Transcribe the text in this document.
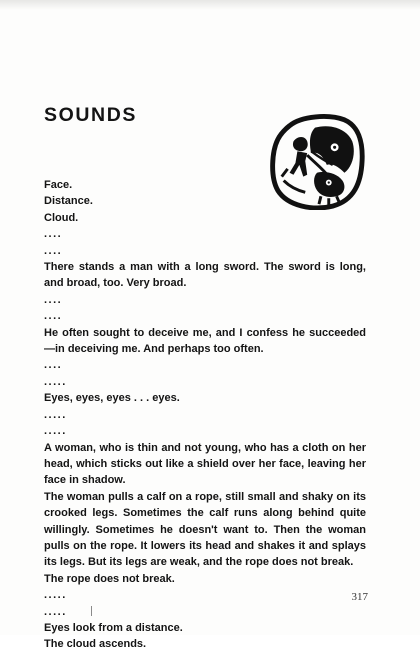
SOUNDS

Face.

Distance.

Cloud.

....

....

There stands a man with a long sword. The sword is long, and broad, too. Very broad.

....

....

He often sought to deceive me, and I confess he succeeded—in deceiving me. And perhaps too often.

....

.....

Eyes, eyes, eyes . . . eyes.

.....

.....

A woman, who is thin and not young, who has a cloth on her head, which sticks out like a shield over her face, leaving her face in shadow.

The woman pulls a calf on a rope, still small and shaky on its crooked legs. Sometimes the calf runs along behind quite willingly. Sometimes he doesn't want to. Then the woman pulls on the rope. It lowers its head and shakes it and splays its legs. But its legs are weak, and the rope does not break.

The rope does not break.

.....

.....

Eyes look from a distance.

The cloud ascends.

317
